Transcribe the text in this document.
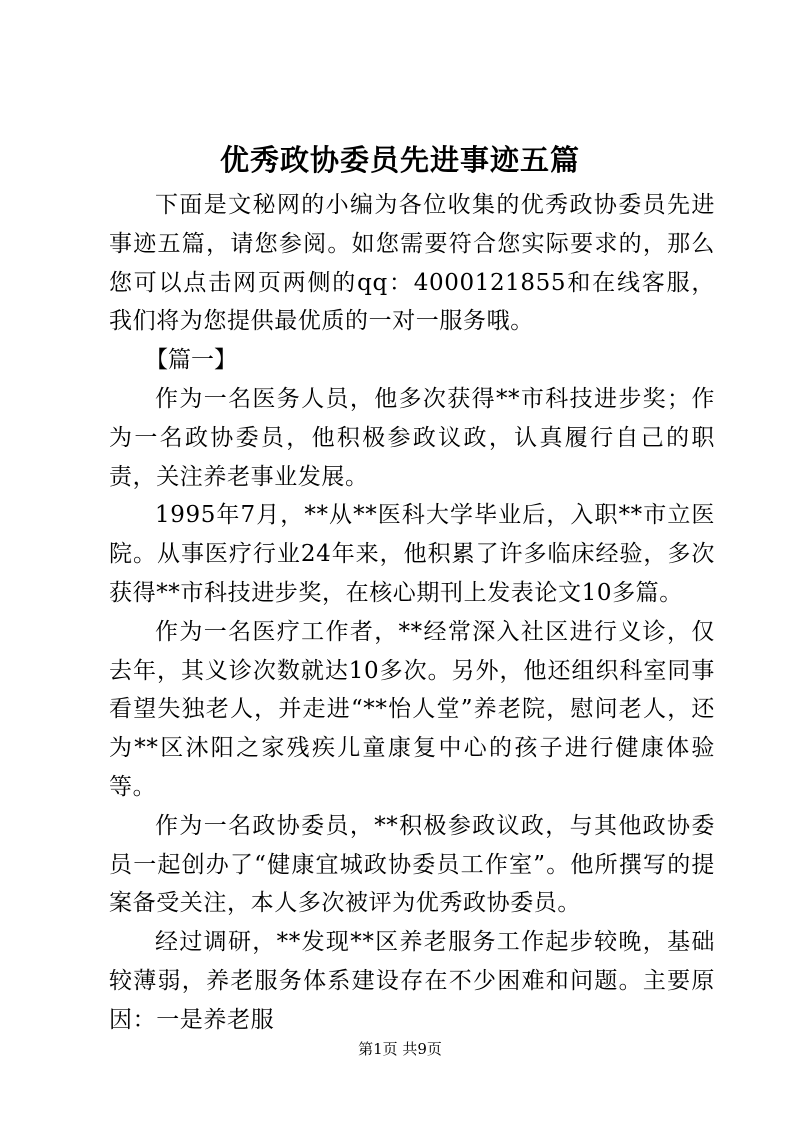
优秀政协委员先进事迹五篇

下面是文秘网的小编为各位收集的优秀政协委员先进事迹五篇，请您参阅。如您需要符合您实际要求的，那么您可以点击网页两侧的qq：4000121855和在线客服，我们将为您提供最优质的一对一服务哦。

【篇一】

作为一名医务人员，他多次获得**市科技进步奖；作为一名政协委员，他积极参政议政，认真履行自己的职责，关注养老事业发展。

1995年7月，**从**医科大学毕业后，入职**市立医院。从事医疗行业24年来，他积累了许多临床经验，多次获得**市科技进步奖，在核心期刊上发表论文10多篇。

作为一名医疗工作者，**经常深入社区进行义诊，仅去年，其义诊次数就达10多次。另外，他还组织科室同事看望失独老人，并走进“**怡人堂”养老院，慰问老人，还为**区沐阳之家残疾儿童康复中心的孩子进行健康体验等。

作为一名政协委员，**积极参政议政，与其他政协委员一起创办了“健康宜城政协委员工作室”。他所撰写的提案备受关注，本人多次被评为优秀政协委员。

经过调研，**发现**区养老服务工作起步较晚，基础较薄弱，养老服务体系建设存在不少困难和问题。主要原因：一是养老服

第1页 共9页
